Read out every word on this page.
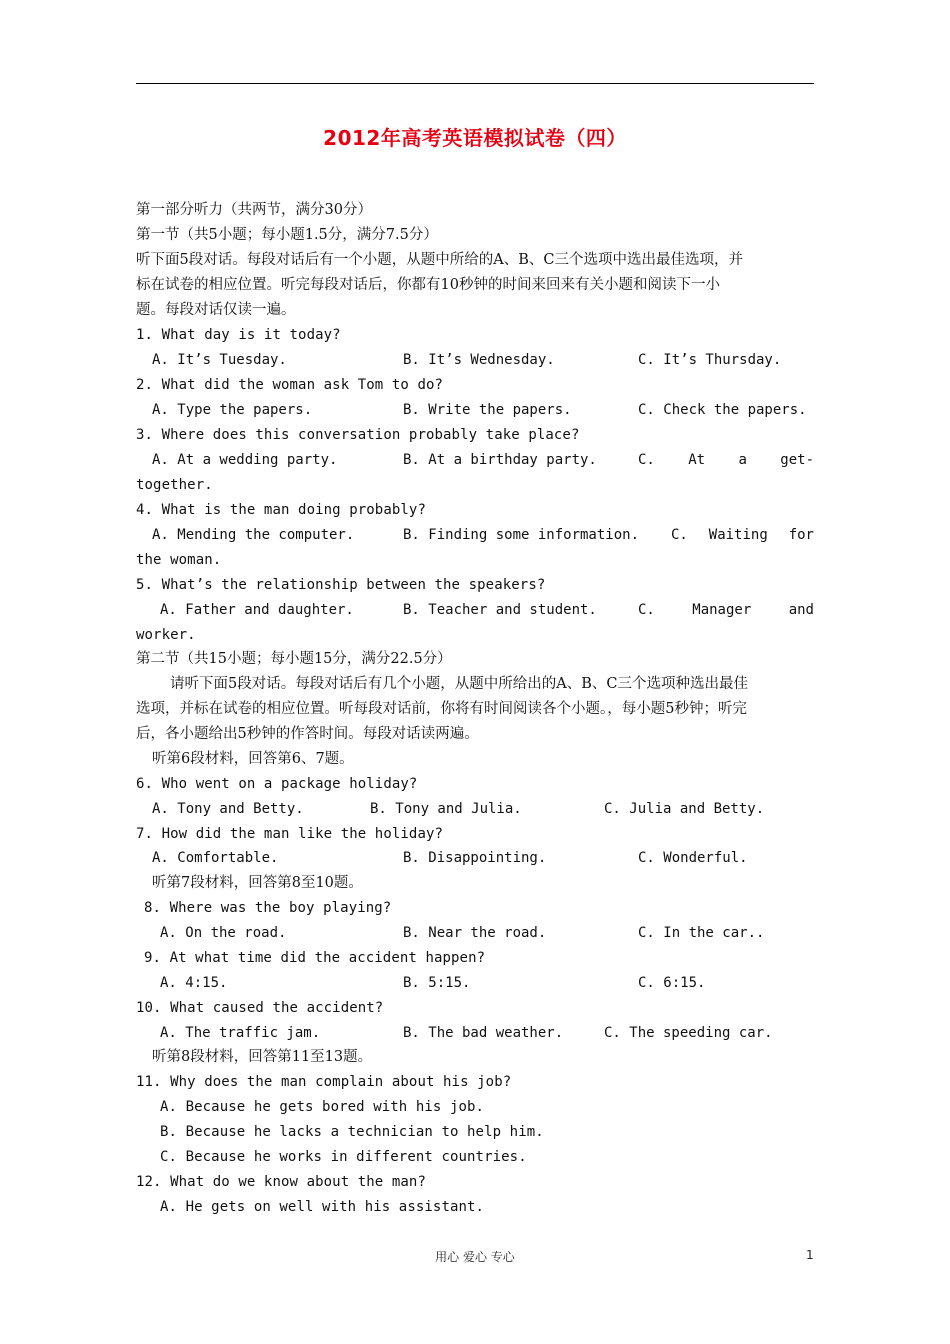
2012年高考英语模拟试卷（四）
第一部分听力（共两节，满分30分）
第一节（共5小题；每小题1.5分，满分7.5分）
听下面5段对话。每段对话后有一个小题，从题中所给的A、B、C三个选项中选出最佳选项，并
标在试卷的相应位置。听完每段对话后，你都有10秒钟的时间来回来有关小题和阅读下一小
题。每段对话仅读一遍。
1. What day is it today?

A. It’s Tuesday.

	B. It’s Wednesday.

	C. It’s Thursday.

2. What did the woman ask Tom to do?

A. Type the papers.

	B. Write the papers.

	C. Check the papers.

3. Where does this conversation probably take place?

A. At a wedding party.

	B. At a birthday party.

	C. At a get-

together.
4. What is the man doing probably?

A. Mending the computer.

	B. Finding some information.

C. Waiting for

the woman.
5. What’s the relationship between the speakers?

A. Father and daughter.

	B. Teacher and student.

	C.	Manager	and

worker.
第二节（共15小题；每小题15分，满分22.5分）
请听下面5段对话。每段对话后有几个小题，从题中所给出的A、B、C三个选项种选出最佳
选项，并标在试卷的相应位置。听每段对话前，你将有时间阅读各个小题。，每小题5秒钟；听完
后，各小题给出5秒钟的作答时间。每段对话读两遍。
听第6段材料，回答第6、7题。
6. Who went on a package holiday?

A. Tony and Betty.

	B. Tony and Julia.

	C. Julia and Betty.

7. How did the man like the holiday?

A. Comfortable.

	B. Disappointing.

	C. Wonderful.

听第7段材料，回答第8至10题。
8. Where was the boy playing?

A. On the road.

	B. Near the road.

	C. In the car..

9. At what time did the accident happen?

A. 4:15.

	B. 5:15.

	C. 6:15.

10. What caused the accident?

A. The traffic jam.

	B. The bad weather.

	C. The speeding car.

听第8段材料，回答第11至13题。
11. Why does the man complain about his job?
A. Because he gets bored with his job.
B. Because he lacks a technician to help him.
C. Because he works in different countries.
12. What do we know about the man?
A. He gets on well with his assistant.
用心 爱心 专心	1
